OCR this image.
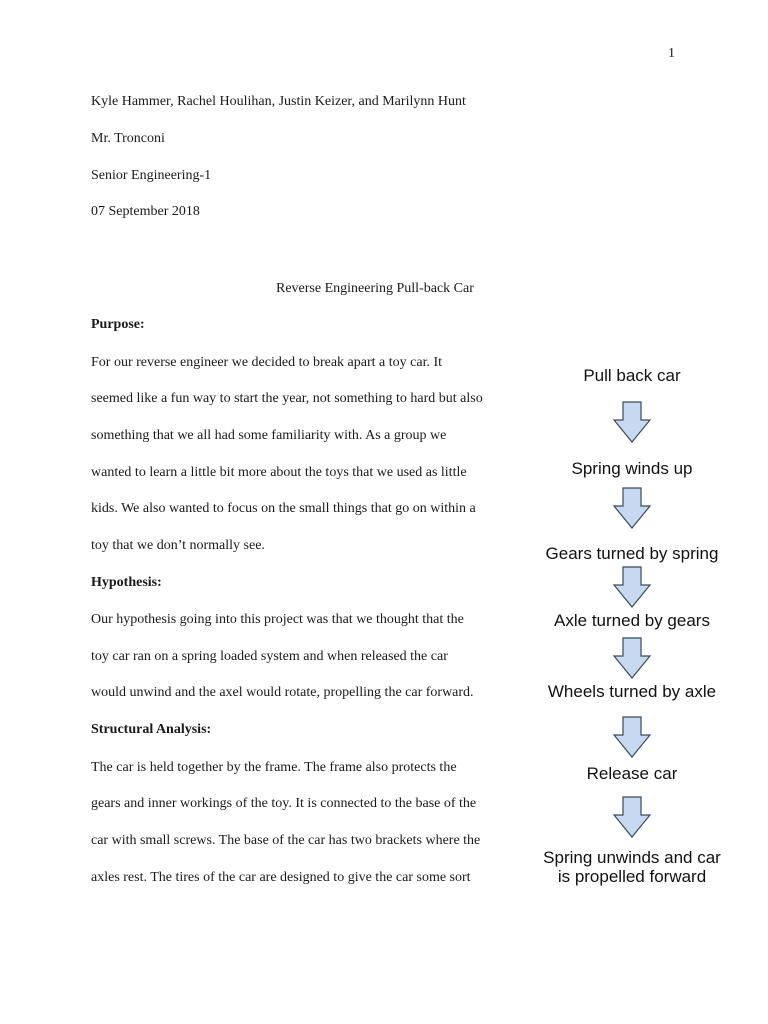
1
Kyle Hammer, Rachel Houlihan, Justin Keizer, and Marilynn Hunt
Mr. Tronconi
Senior Engineering-1
07 September 2018
Reverse Engineering Pull-back Car
Purpose:
For our reverse engineer we decided to break apart a toy car. It
seemed like a fun way to start the year, not something to hard but also
something that we all had some familiarity with. As a group we
wanted to learn a little bit more about the toys that we used as little
kids. We also wanted to focus on the small things that go on within a
toy that we don’t normally see.
Hypothesis:
Our hypothesis going into this project was that we thought that the
toy car ran on a spring loaded system and when released the car
would unwind and the axel would rotate, propelling the car forward.
Structural Analysis:
The car is held together by the frame. The frame also protects the
gears and inner workings of the toy. It is connected to the base of the
car with small screws. The base of the car has two brackets where the
axles rest. The tires of the car are designed to give the car some sort
Pull back car
Spring winds up
Gears turned by spring
Axle turned by gears
Wheels turned by axle
Release car
Spring unwinds and car
is propelled forward
